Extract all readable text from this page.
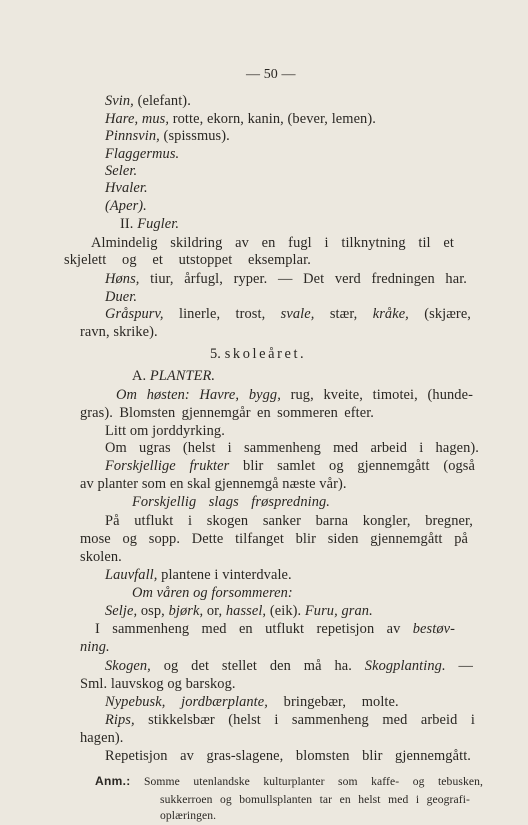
— 50 —
Svin, (elefant).
Hare, mus, rotte, ekorn, kanin, (bever, lemen).
Pinnsvin, (spissmus).
Flaggermus.
Seler.
Hvaler.
(Aper).
II. Fugler.
Almindelig skildring av en fugl i tilknytning til et
skjelett og et utstoppet eksemplar.
Høns, tiur, årfugl, ryper. — Det verd fredningen har.
Duer.
Gråspurv, linerle, trost, svale, stær, kråke, (skjære,
ravn, skrike).
5. skoleåret.
A. PLANTER.
Om høsten: Havre, bygg, rug, kveite, timotei, (hunde-
gras). Blomsten gjennemgår en sommeren efter.
Litt om jorddyrking.
Om ugras (helst i sammenheng med arbeid i hagen).
Forskjellige frukter blir samlet og gjennemgått (også
av planter som en skal gjennemgå næste vår).
Forskjellig slags frøspredning.
På utflukt i skogen sanker barna kongler, bregner,
mose og sopp. Dette tilfanget blir siden gjennemgått på
skolen.
Lauvfall, plantene i vinterdvale.
Om våren og forsommeren:
Selje, osp, bjørk, or, hassel, (eik). Furu, gran.
I sammenheng med en utflukt repetisjon av bestøv-
ning.
Skogen, og det stellet den må ha. Skogplanting. —
Sml. lauvskog og barskog.
Nypebusk, jordbærplante, bringebær, molte.
Rips, stikkelsbær (helst i sammenheng med arbeid i
hagen).
Repetisjon av gras-slagene, blomsten blir gjennemgått.
Anm.: Somme utenlandske kulturplanter som kaffe- og tebusken,
sukkerroen og bomullsplanten tar en helst med i geografi-
oplæringen.
